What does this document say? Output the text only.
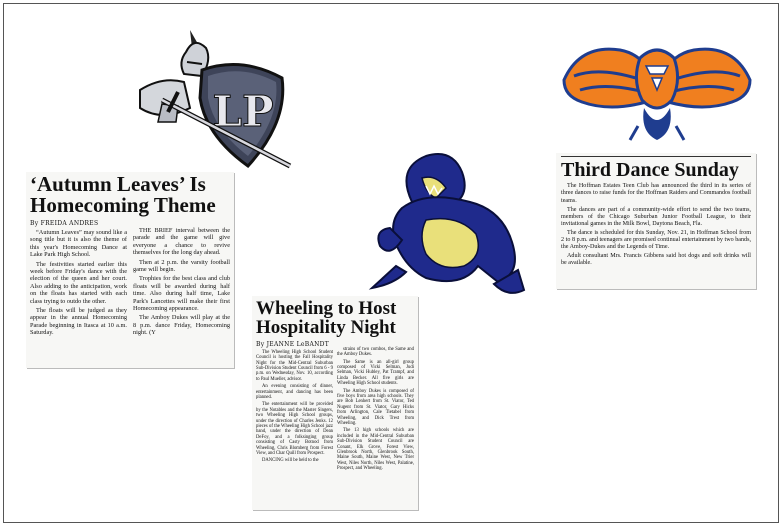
LP
‘Autumn Leaves’ Is Homecoming Theme
By FREIDA ANDRES

“Autumn Leaves” may sound like a song title but it is also the theme of this year's Homecoming Dance at Lake Park High School.

The festivities started earlier this week before Friday's dance with the election of the queen and her court. Also adding to the anticipation, work on the floats has started with each class trying to outdo the other.

The floats will be judged as they appear in the annual Homecoming Parade beginning in Itasca at 10 a.m. Saturday.

THE BRIEF interval between the parade and the game will give everyone a chance to revive themselves for the long day ahead.

Then at 2 p.m. the varsity football game will begin.

Trophies for the best class and club floats will be awarded during half time. Also during half time, Lake Park's Lancettes will make their first Homecoming appearance.

The Amboy Dukes will play at the 8 p.m. dance Friday, Homecoming night. (Y

Wheeling to Host Hospitality Night
By JEANNE LeBANDT

The Wheeling High School Student Council is hosting the Fall Hospitality Night for the Mid-Central Suburban Sub-Division Student Council from 6 - 9 p.m. on Wednesday, Nov. 10, according to Paul Mueller, advisor.

An evening consisting of dinner, entertainment, and dancing has been planned.

The entertainment will be provided by the Notables and the Master Singers, two Wheeling High School groups, under the direction of Charles Jenks. 12 pieces of the Wheeling High School jazz band, under the direction of Dean DeFoy, and a folksinging group consisting of Casty Botnod from Wheeling, Chris Blomberg from Forest View, and Char Quill from Prospect.

DANCING will be held to the

strains of two combos, the Same and the Amboy Dukes.

The Same is an all-girl group composed of Vicki Selman, Judi Selman, Vicki Hubley, Pat Trampf, and Linda Becker. All five girls are Wheeling High School students.

The Amboy Dukes is composed of five boys from area high schools. They are Bob Lenhert from St. Viator, Ted Nugent from St. Viator, Gary Hicks from Arlington, Cale Tietabel from Wheeling, and Dick Trest from Wheeling.

The 13 high schools which are included in the Mid-Central Suburban Sub-Division Student Council are Conant, Elk Grove, Forest View, Glenbrook North, Glenbrook South, Maine South, Maine West, New Trier West, Niles North, Niles West, Palatine, Prospect, and Wheeling.

Third Dance Sunday

The Hoffman Estates Teen Club has announced the third in its series of three dances to raise funds for the Hoffman Raiders and Commandos football teams.

The dances are part of a community-wide effort to send the two teams, members of the Chicago Suburban Junior Football League, to their invitational games in the Milk Bowl, Daytona Beach, Fla.

The dance is scheduled for this Sunday, Nov. 21, in Hoffman School from 2 to 8 p.m. and teenagers are promised continual entertainment by two bands, the Amboy-Dukes and the Legends of Time.

Adult consultant Mrs. Francis Gibbens said hot dogs and soft drinks will be available.
